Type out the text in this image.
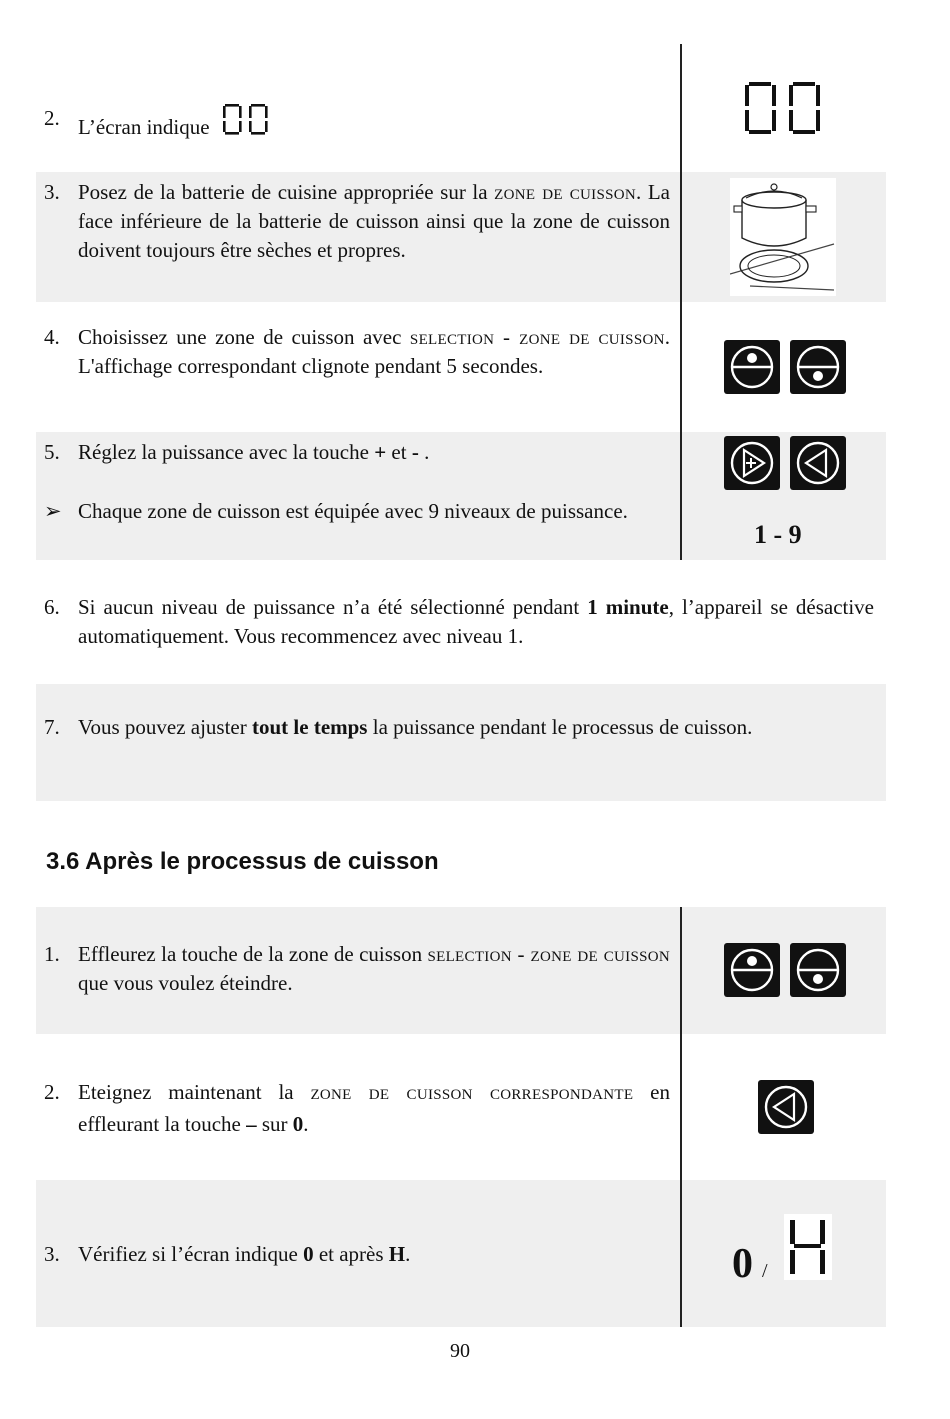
2. L’écran indique
3. Posez de la batterie de cuisine appropriée sur la zone de cuisson. La face inférieure de la batterie de cuisson ainsi que la zone de cuisson doivent toujours être sèches et propres.
4. Choisissez une zone de cuisson avec selection - zone de cuisson. L'affichage correspondant clignote pendant 5 secondes.

5. Réglez la puissance avec la touche + et - .
➢ Chaque zone de cuisson est équipée avec 9 niveaux de puissance.

1 - 9
6. Si aucun niveau de puissance n’a été sélectionné pendant 1 minute, l’appareil se désactive automatiquement. Vous recommencez avec niveau 1.
7. Vous pouvez ajuster tout le temps la puissance pendant le processus de cuisson.
3.6 Après le processus de cuisson
1. Effleurez la touche de la zone de cuisson selection - zone de cuisson que vous voulez éteindre.

2. Eteignez maintenant la zone de cuisson correspondante en effleurant la touche – sur 0.
3. Vérifiez si l’écran indique 0 et après H.	0 /
90
